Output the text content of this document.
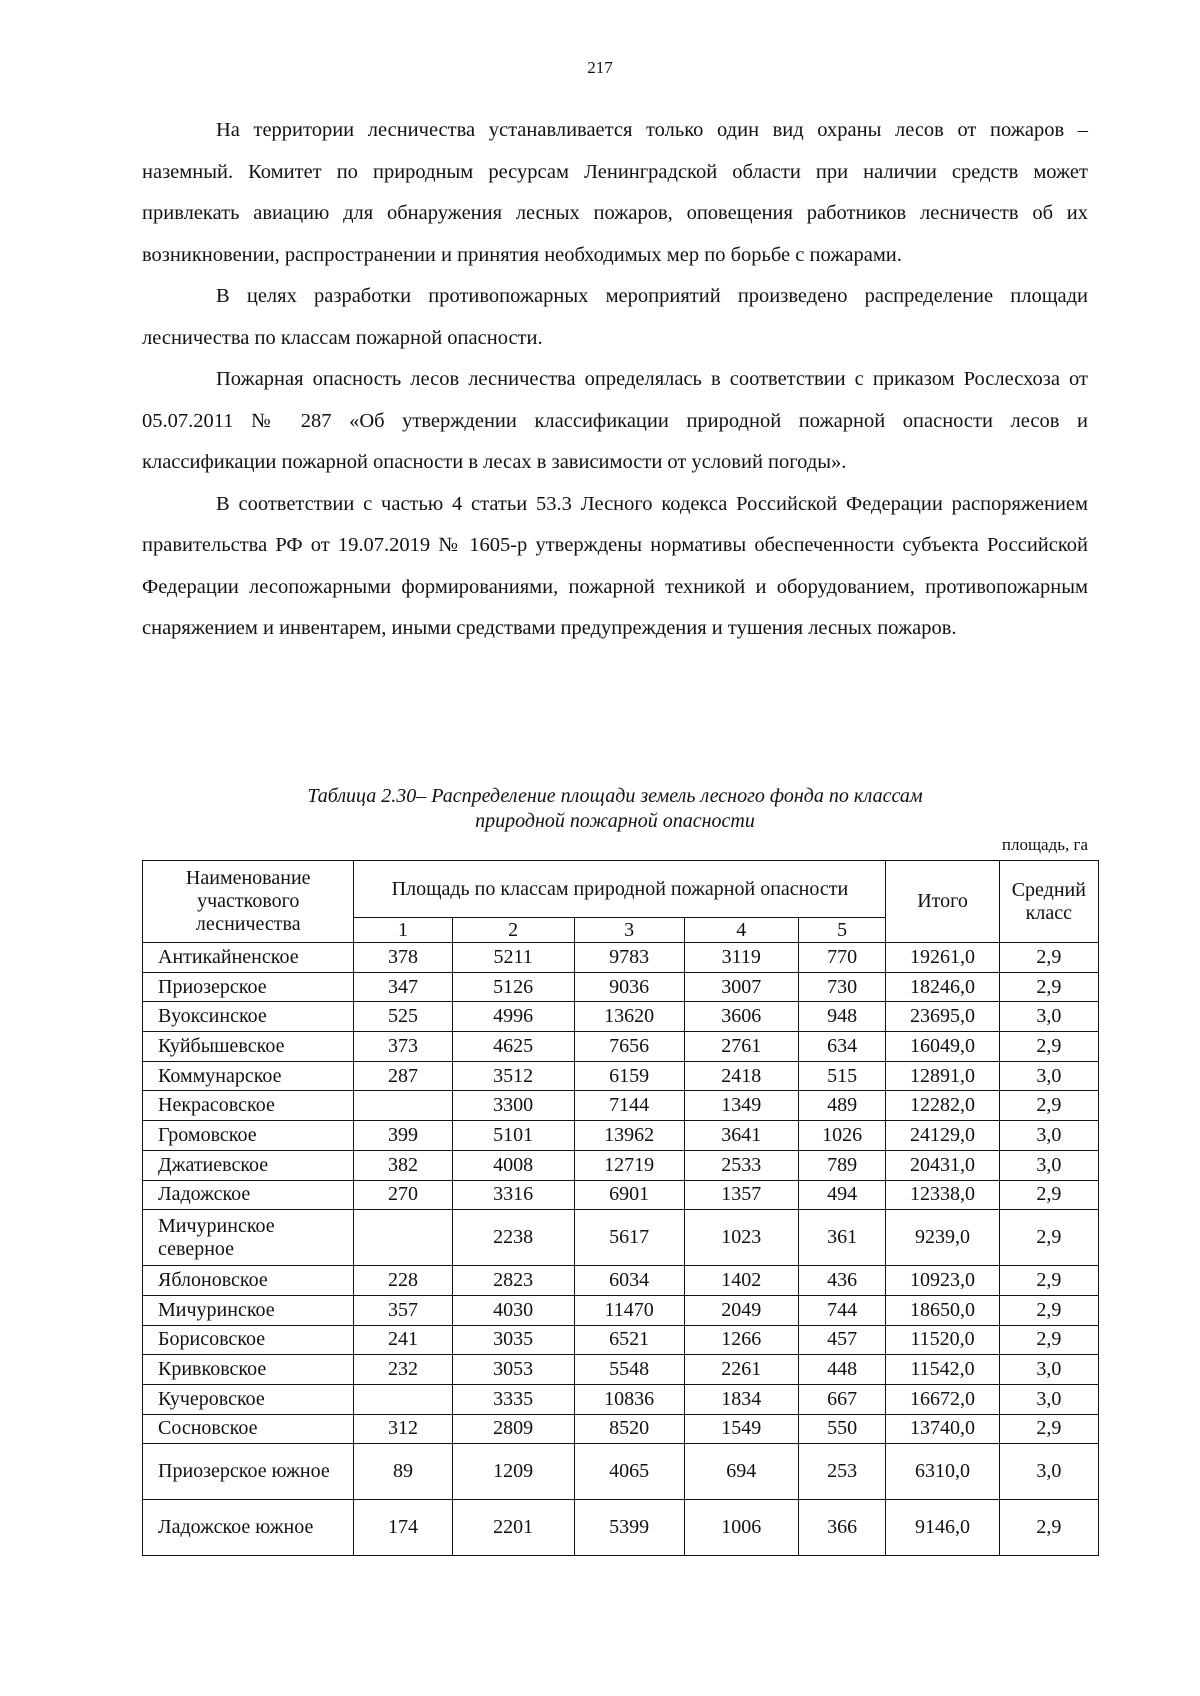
217

На территории лесничества устанавливается только один вид охраны лесов от пожаров – наземный. Комитет по природным ресурсам Ленинградской области при наличии средств может привлекать авиацию для обнаружения лесных пожаров, оповещения работников лесничеств об их возникновении, распространении и принятия необходимых мер по борьбе с пожарами.

В целях разработки противопожарных мероприятий произведено распределение площади лесничества по классам пожарной опасности.

Пожарная опасность лесов лесничества определялась в соответствии с приказом Рослесхоза от 05.07.2011 № 287 «Об утверждении классификации природной пожарной опасности лесов и классификации пожарной опасности в лесах в зависимости от условий погоды».

В соответствии с частью 4 статьи 53.3 Лесного кодекса Российской Федерации распоряжением правительства РФ от 19.07.2019 № 1605-р утверждены нормативы обеспеченности субъекта Российской Федерации лесопожарными формированиями, пожарной техникой и оборудованием, противопожарным снаряжением и инвентарем, иными средствами предупреждения и тушения лесных пожаров.

Таблица 2.30– Распределение площади земель лесного фонда по классам
природной пожарной опасности
площадь, га
Наименование участкового лесничества	Площадь по классам природной пожарной опасности					Итого	Средний класс
	1	2	3	4	5		
Антикайненское	378	5211	9783	3119	770	19261,0	2,9
Приозерское	347	5126	9036	3007	730	18246,0	2,9
Вуоксинское	525	4996	13620	3606	948	23695,0	3,0
Куйбышевское	373	4625	7656	2761	634	16049,0	2,9
Коммунарское	287	3512	6159	2418	515	12891,0	3,0
Некрасовское		3300	7144	1349	489	12282,0	2,9
Громовское	399	5101	13962	3641	1026	24129,0	3,0
Джатиевское	382	4008	12719	2533	789	20431,0	3,0
Ладожское	270	3316	6901	1357	494	12338,0	2,9
Мичуринское северное		2238	5617	1023	361	9239,0	2,9
Яблоновское	228	2823	6034	1402	436	10923,0	2,9
Мичуринское	357	4030	11470	2049	744	18650,0	2,9
Борисовское	241	3035	6521	1266	457	11520,0	2,9
Кривковское	232	3053	5548	2261	448	11542,0	3,0
Кучеровское		3335	10836	1834	667	16672,0	3,0
Сосновское	312	2809	8520	1549	550	13740,0	2,9
Приозерское южное	89	1209	4065	694	253	6310,0	3,0
Ладожское южное	174	2201	5399	1006	366	9146,0	2,9
